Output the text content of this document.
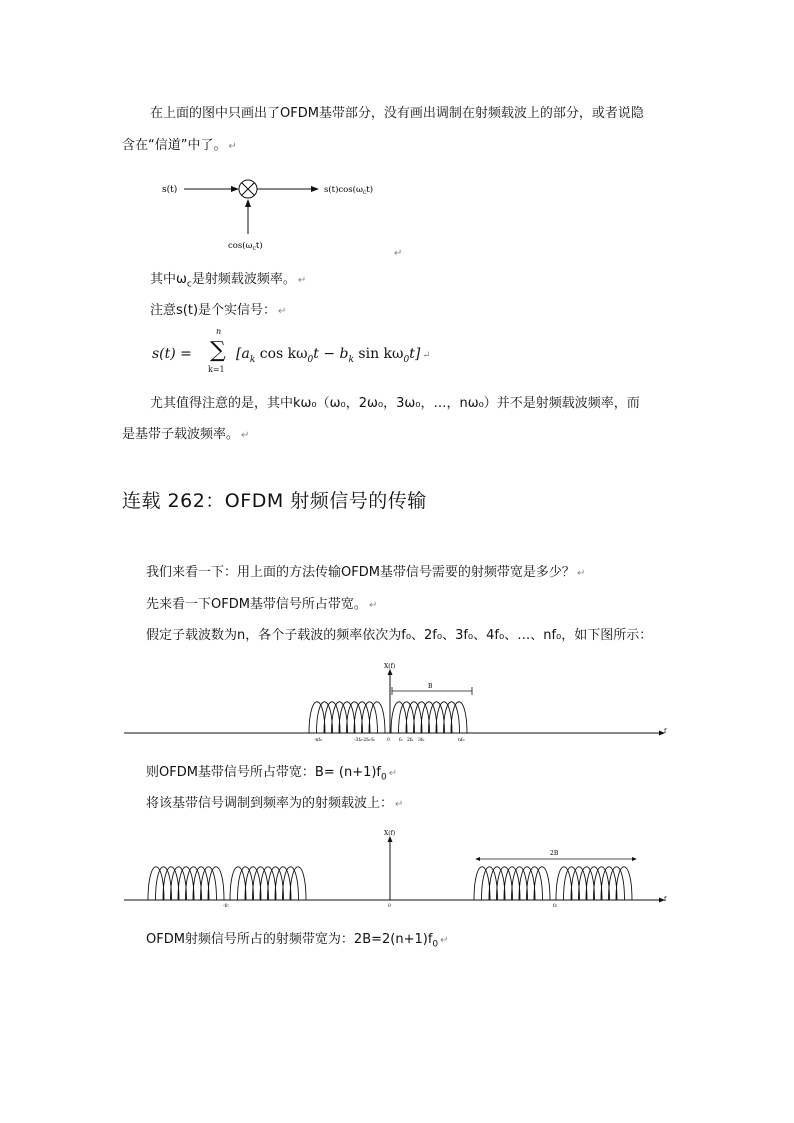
在上面的图中只画出了OFDM基带部分，没有画出调制在射频载波上的部分，或者说隐
含在“信道”中了。 ↵
s(t)	$s(t)\cos(\omega_ct)$
$\cos(\omega_ct)$
↵
其中$\omega_c$是射频载波频率。 ↵
注意s(t)是个实信号： ↵
s(t) =
n
∑
k=1
[$a_k$ $\cos k\omega_0t - b_k$ $\sin k\omega_0t$] ↵
尤其值得注意的是，其中kω₀（ω₀，2ω₀，3ω₀，…，nω₀）并不是射频载波频率，而
是基带子载波频率。 ↵
连载 262：OFDM 射频信号的传输
我们来看一下：用上面的方法传输OFDM基带信号需要的射频带宽是多少？ ↵
先来看一下OFDM基带信号所占带宽。 ↵
假定子载波数为n，各个子载波的频率依次为f₀、2f₀、3f₀、4f₀、…、nf₀，如下图所示：
X(f)
f
B
-nf₀	-3f₀-2f₀-f₀	0 f₀ 2f₀ 3f₀	nf₀
则OFDM基带信号所占带宽：$B= (n+1)f_0$ ↵
将该基带信号调制到频率为的射频载波上： ↵
X(f)
f
2B
-fc	0	fc
OFDM射频信号所占的射频带宽为：$2B=2(n+1)f_0$ ↵
